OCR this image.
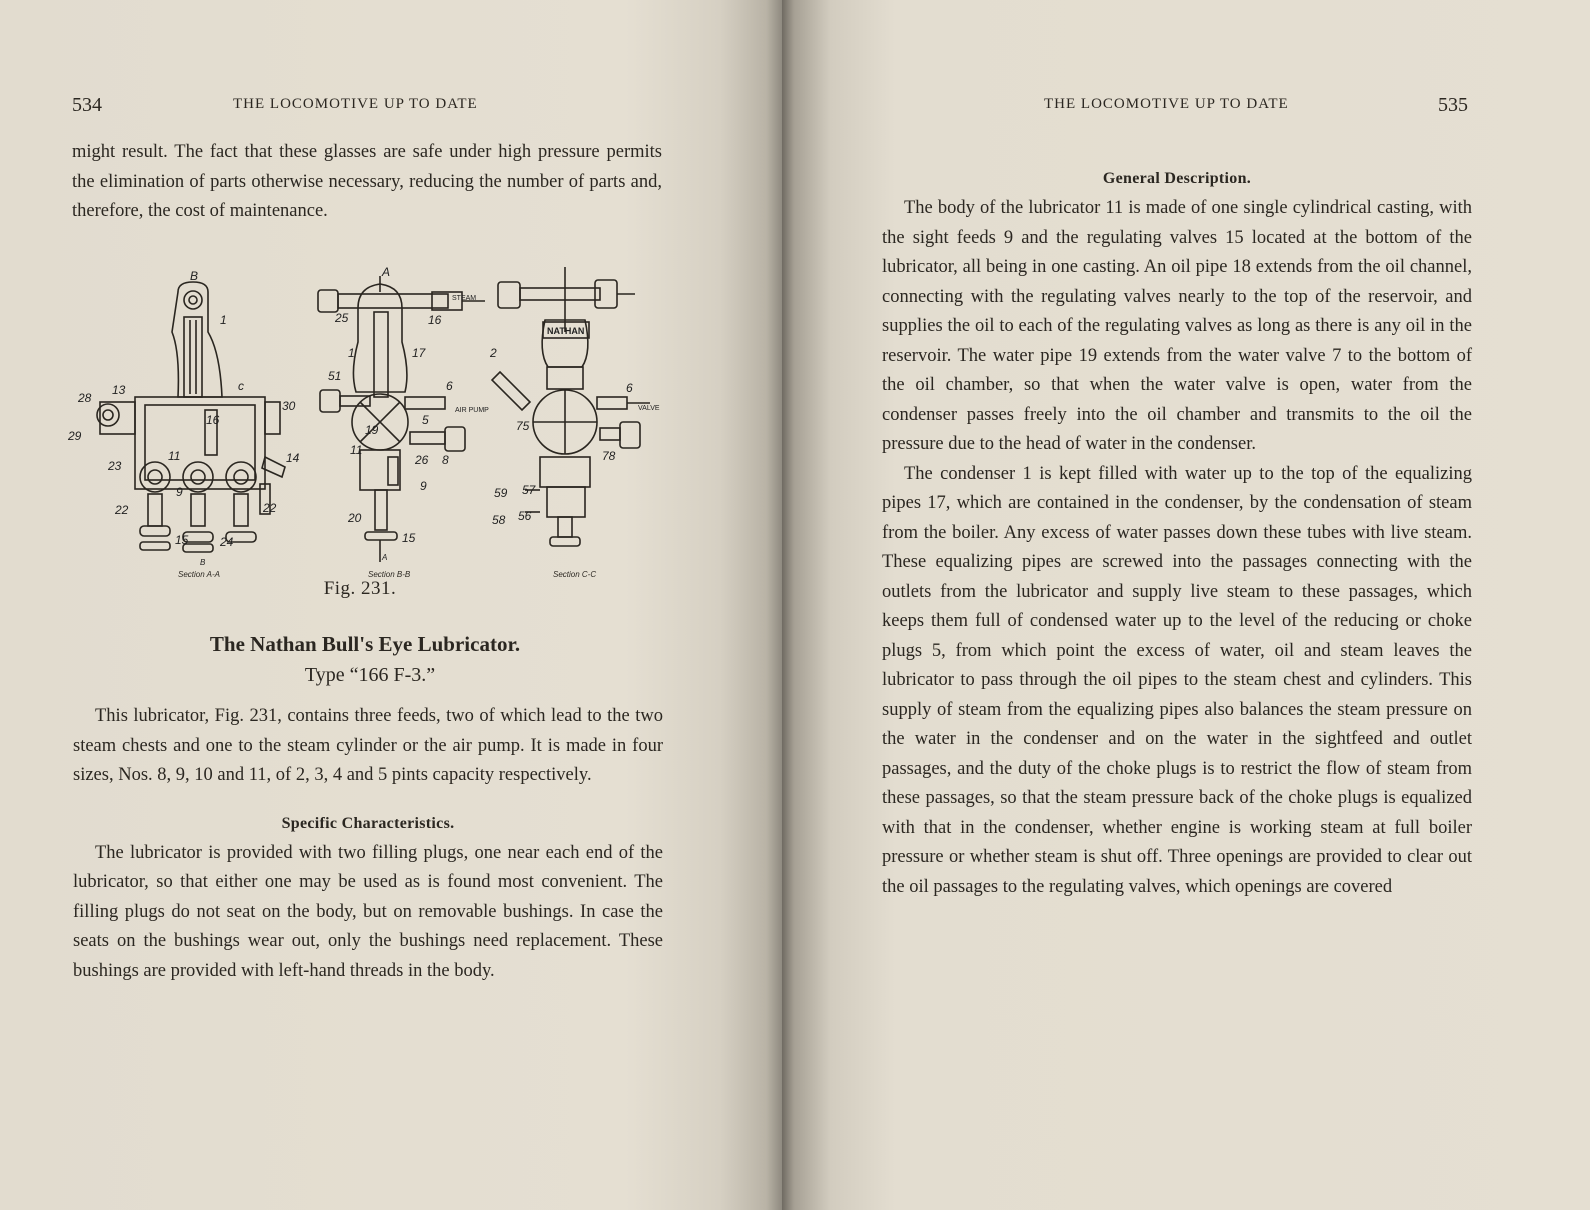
534	THE LOCOMOTIVE UP TO DATE

might result. The fact that these glasses are safe under high pressure permits the elimination of parts otherwise necessary, reducing the number of parts and, therefore, the cost of maintenance.

B
1
28
13	c
30
29
16
11
23
14
9
22	22
15	24
A
25	16
17
1
51
6
5
19
11
26 8
9
20
15
2
75
6
78
59 57
58 56
STEAM
AIR PUMP	VALVE
NATHAN
B
A
Section A-A	Section B-B	Section C-C
Fig. 231.
The Nathan Bull's Eye Lubricator.
Type “166 F-3.”

This lubricator, Fig. 231, contains three feeds, two of which lead to the two steam chests and one to the steam cylinder or the air pump. It is made in four sizes, Nos. 8, 9, 10 and 11, of 2, 3, 4 and 5 pints capacity respectively.

Specific Characteristics.

The lubricator is provided with two filling plugs, one near each end of the lubricator, so that either one may be used as is found most convenient. The filling plugs do not seat on the body, but on removable bushings. In case the seats on the bushings wear out, only the bushings need replacement. These bushings are provided with left-hand threads in the body.

THE LOCOMOTIVE UP TO DATE	535
General Description.

The body of the lubricator 11 is made of one single cylindrical casting, with the sight feeds 9 and the regulating valves 15 located at the bottom of the lubricator, all being in one casting. An oil pipe 18 extends from the oil channel, connecting with the regulating valves nearly to the top of the reservoir, and supplies the oil to each of the regulating valves as long as there is any oil in the reservoir. The water pipe 19 extends from the water valve 7 to the bottom of the oil chamber, so that when the water valve is open, water from the condenser passes freely into the oil chamber and transmits to the oil the pressure due to the head of water in the condenser.

The condenser 1 is kept filled with water up to the top of the equalizing pipes 17, which are contained in the condenser, by the condensation of steam from the boiler. Any excess of water passes down these tubes with live steam. These equalizing pipes are screwed into the passages connecting with the outlets from the lubricator and supply live steam to these passages, which keeps them full of condensed water up to the level of the reducing or choke plugs 5, from which point the excess of water, oil and steam leaves the lubricator to pass through the oil pipes to the steam chest and cylinders. This supply of steam from the equalizing pipes also balances the steam pressure on the water in the condenser and on the water in the sightfeed and outlet passages, and the duty of the choke plugs is to restrict the flow of steam from these passages, so that the steam pressure back of the choke plugs is equalized with that in the condenser, whether engine is working steam at full boiler pressure or whether steam is shut off. Three openings are provided to clear out the oil passages to the regulating valves, which openings are covered
